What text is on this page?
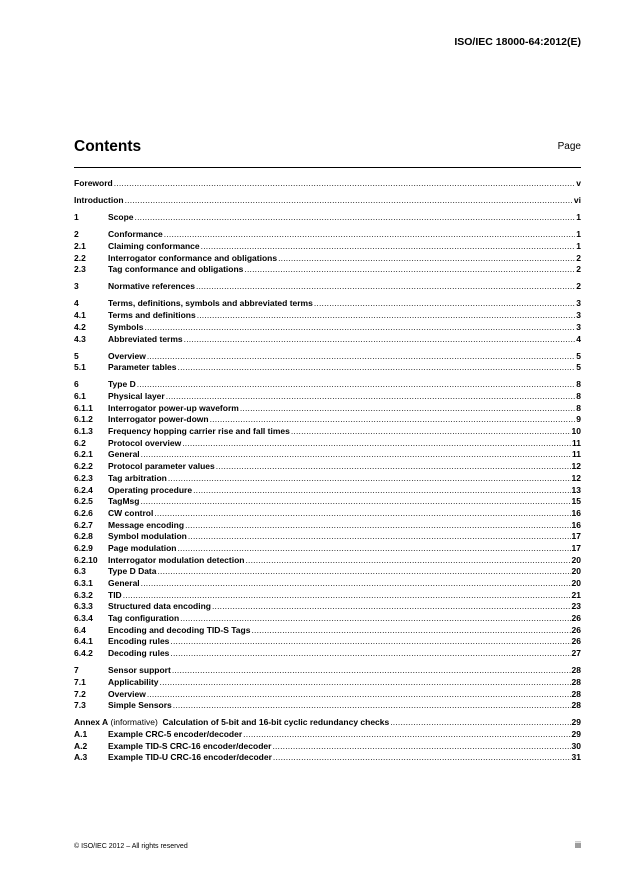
ISO/IEC 18000-64:2012(E)
Contents	Page
Foreword .....	v
Introduction .....	vi
1	Scope .....	1
2	Conformance .....	1
2.1	Claiming conformance .....	1
2.2	Interrogator conformance and obligations .....	2
2.3	Tag conformance and obligations .....	2
3	Normative references .....	2
4	Terms, definitions, symbols and abbreviated terms .....	3
4.1	Terms and definitions .....	3
4.2	Symbols .....	3
4.3	Abbreviated terms .....	4
5	Overview .....	5
5.1	Parameter tables .....	5
6	Type D .....	8
6.1	Physical layer .....	8
6.1.1	Interrogator power-up waveform .....	8
6.1.2	Interrogator power-down .....	9
6.1.3	Frequency hopping carrier rise and fall times .....	10
6.2	Protocol overview .....	11
6.2.1	General .....	11
6.2.2	Protocol parameter values .....	12
6.2.3	Tag arbitration .....	12
6.2.4	Operating procedure .....	13
6.2.5	TagMsg .....	15
6.2.6	CW control .....	16
6.2.7	Message encoding .....	16
6.2.8	Symbol modulation .....	17
6.2.9	Page modulation .....	17
6.2.10	Interrogator modulation detection .....	20
6.3	Type D Data .....	20
6.3.1	General .....	20
6.3.2	TID .....	21
6.3.3	Structured data encoding .....	23
6.3.4	Tag configuration .....	26
6.4	Encoding and decoding TID-S Tags .....	26
6.4.1	Encoding rules .....	26
6.4.2	Decoding rules .....	27
7	Sensor support .....	28
7.1	Applicability .....	28
7.2	Overview .....	28
7.3	Simple Sensors .....	28
Annex A (informative) Calculation of 5-bit and 16-bit cyclic redundancy checks .....	29
A.1	Example CRC-5 encoder/decoder .....	29
A.2	Example TID-S CRC-16 encoder/decoder .....	30
A.3	Example TID-U CRC-16 encoder/decoder .....	31
© ISO/IEC 2012 – All rights reserved	iii
